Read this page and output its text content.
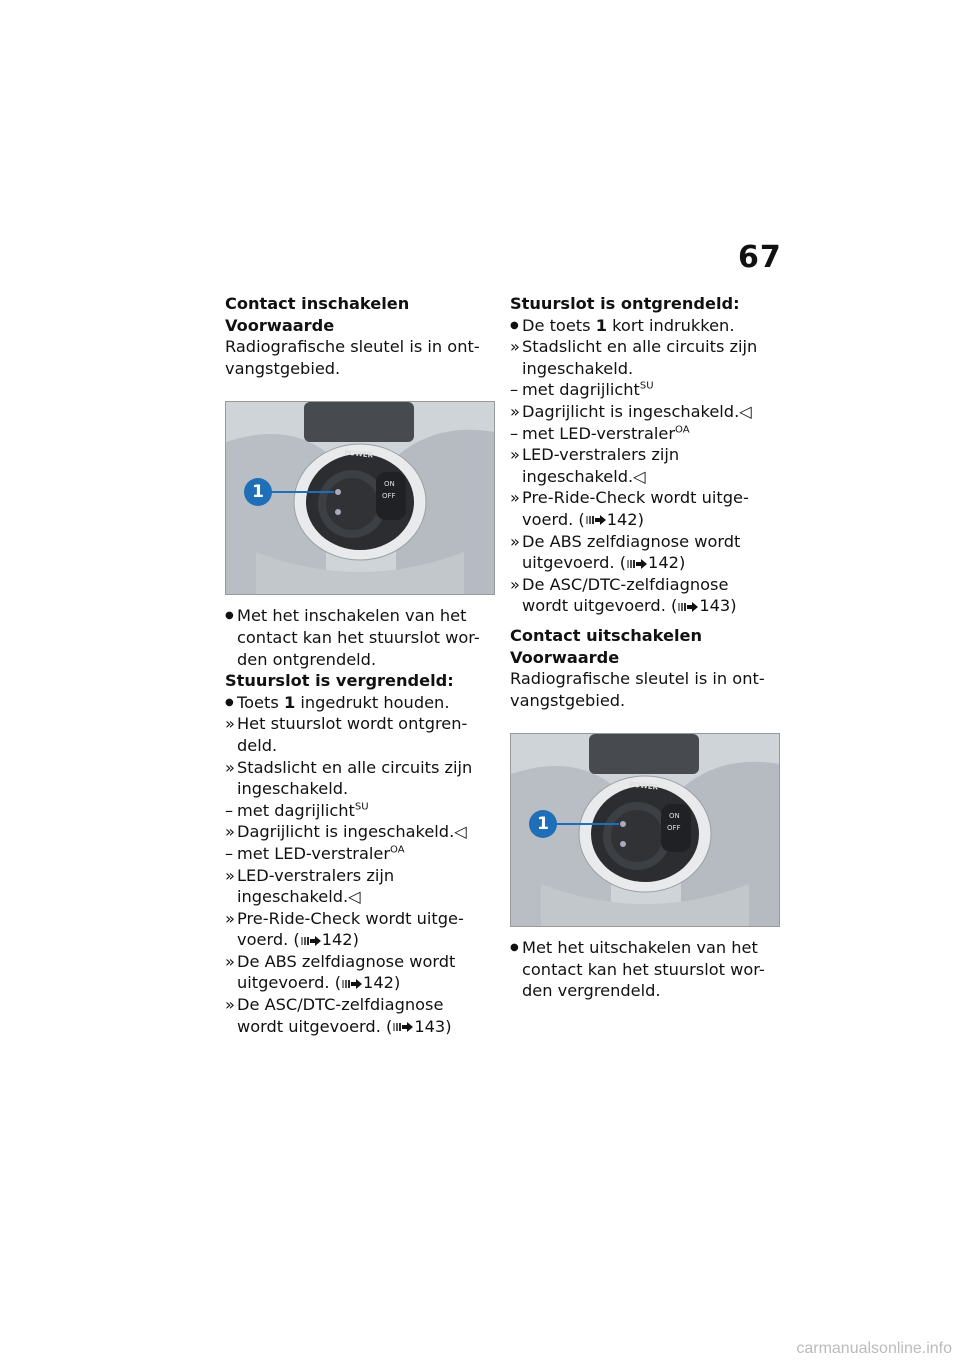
67
Contact inschakelen
Voorwaarde
Radiografische sleutel is in ont-
vangstgebied.
1
POWER
ON
OFF
● Met het inschakelen van het
contact kan het stuurslot wor-
den ontgrendeld.
Stuurslot is vergrendeld:
● Toets 1 ingedrukt houden.
» Het stuurslot wordt ontgren-
deld.
» Stadslicht en alle circuits zijn
ingeschakeld.
– met dagrijlicht$^{SU}$
» Dagrijlicht is ingeschakeld.◁
– met LED-verstraler$^{OA}$
» LED-verstralers zijn
ingeschakeld.◁
» Pre-Ride-Check wordt uitge-
voerd. ( 142)
» De ABS zelfdiagnose wordt
uitgevoerd. ( 142)
» De ASC/DTC-zelfdiagnose
wordt uitgevoerd. ( 143)
Stuurslot is ontgrendeld:
● De toets 1 kort indrukken.
» Stadslicht en alle circuits zijn
ingeschakeld.
– met dagrijlicht$^{SU}$
» Dagrijlicht is ingeschakeld.◁
– met LED-verstraler$^{OA}$
» LED-verstralers zijn
ingeschakeld.◁
» Pre-Ride-Check wordt uitge-
voerd. ( 142)
» De ABS zelfdiagnose wordt
uitgevoerd. ( 142)
» De ASC/DTC-zelfdiagnose
wordt uitgevoerd. ( 143)
Contact uitschakelen
Voorwaarde
Radiografische sleutel is in ont-
vangstgebied.
1
POWER
ON
OFF
● Met het uitschakelen van het
contact kan het stuurslot wor-
den vergrendeld.
carmanualsonline.info
